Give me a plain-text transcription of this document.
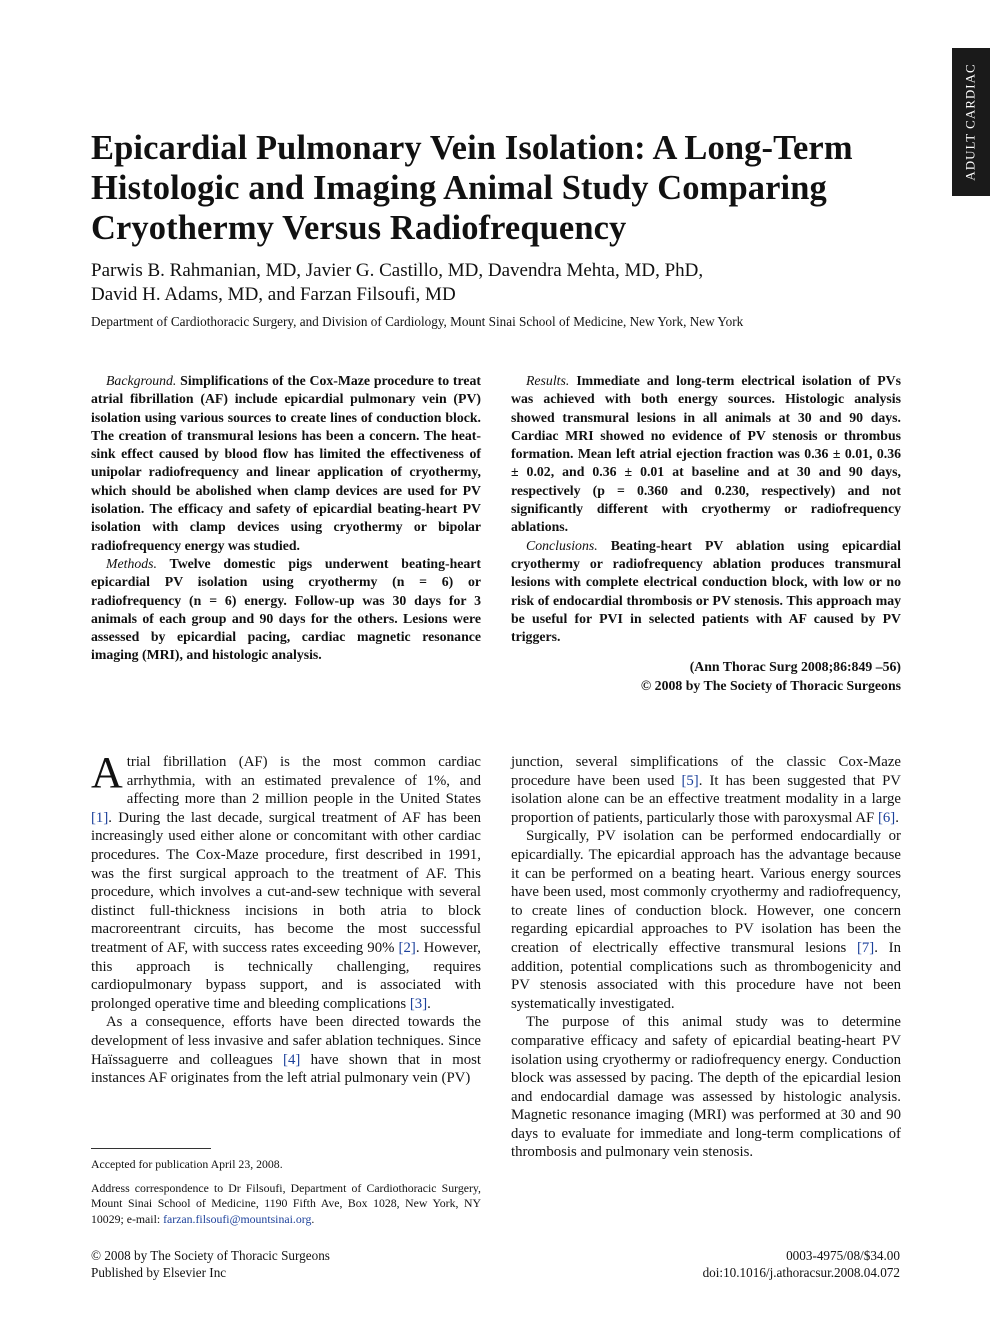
ADULT CARDIAC
Epicardial Pulmonary Vein Isolation: A Long-Term
Histologic and Imaging Animal Study Comparing
Cryothermy Versus Radiofrequency
Parwis B. Rahmanian, MD, Javier G. Castillo, MD, Davendra Mehta, MD, PhD,
David H. Adams, MD, and Farzan Filsoufi, MD
Department of Cardiothoracic Surgery, and Division of Cardiology, Mount Sinai School of Medicine, New York, New York

Background. Simplifications of the Cox-Maze procedure to treat atrial fibrillation (AF) include epicardial pulmonary vein (PV) isolation using various sources to create lines of conduction block. The creation of transmural lesions has been a concern. The heat-sink effect caused by blood flow has limited the effectiveness of unipolar radiofrequency and linear application of cryothermy, which should be abolished when clamp devices are used for PV isolation. The efficacy and safety of epicardial beating-heart PV isolation with clamp devices using cryothermy or bipolar radiofrequency energy was studied.

Methods. Twelve domestic pigs underwent beating-heart epicardial PV isolation using cryothermy (n = 6) or radiofrequency (n = 6) energy. Follow-up was 30 days for 3 animals of each group and 90 days for the others. Lesions were assessed by epicardial pacing, cardiac magnetic resonance imaging (MRI), and histologic analysis.

Results. Immediate and long-term electrical isolation of PVs was achieved with both energy sources. Histologic analysis showed transmural lesions in all animals at 30 and 90 days. Cardiac MRI showed no evidence of PV stenosis or thrombus formation. Mean left atrial ejection fraction was 0.36 ± 0.01, 0.36 ± 0.02, and 0.36 ± 0.01 at baseline and at 30 and 90 days, respectively (p = 0.360 and 0.230, respectively) and not significantly different with cryothermy or radiofrequency ablations.

Conclusions. Beating-heart PV ablation using epicardial cryothermy or radiofrequency ablation produces transmural lesions with complete electrical conduction block, with low or no risk of endocardial thrombosis or PV stenosis. This approach may be useful for PVI in selected patients with AF caused by PV triggers.

(Ann Thorac Surg 2008;86:849 –56)
© 2008 by The Society of Thoracic Surgeons

Atrial fibrillation (AF) is the most common cardiac arrhythmia, with an estimated prevalence of 1%, and affecting more than 2 million people in the United States [1]. During the last decade, surgical treatment of AF has been increasingly used either alone or concomitant with other cardiac procedures. The Cox-Maze procedure, first described in 1991, was the first surgical approach to the treatment of AF. This procedure, which involves a cut-and-sew technique with several distinct full-thickness incisions in both atria to block macroreentrant circuits, has become the most successful treatment of AF, with success rates exceeding 90% [2]. However, this approach is technically challenging, requires cardiopulmonary bypass support, and is associated with prolonged operative time and bleeding complications [3].

As a consequence, efforts have been directed towards the development of less invasive and safer ablation techniques. Since Haïssaguerre and colleagues [4] have shown that in most instances AF originates from the left atrial pulmonary vein (PV)

junction, several simplifications of the classic Cox-Maze procedure have been used [5]. It has been suggested that PV isolation alone can be an effective treatment modality in a large proportion of patients, particularly those with paroxysmal AF [6].

Surgically, PV isolation can be performed endocardially or epicardially. The epicardial approach has the advantage because it can be performed on a beating heart. Various energy sources have been used, most commonly cryothermy and radiofrequency, to create lines of conduction block. However, one concern regarding epicardial approaches to PV isolation has been the creation of electrically effective transmural lesions [7]. In addition, potential complications such as thrombogenicity and PV stenosis associated with this procedure have not been systematically investigated.

The purpose of this animal study was to determine comparative efficacy and safety of epicardial beating-heart PV isolation using cryothermy or radiofrequency energy. Conduction block was assessed by pacing. The depth of the epicardial lesion and endocardial damage was assessed by histologic analysis. Magnetic resonance imaging (MRI) was performed at 30 and 90 days to evaluate for immediate and long-term complications of thrombosis and pulmonary vein stenosis.

Accepted for publication April 23, 2008.

Address correspondence to Dr Filsoufi, Department of Cardiothoracic Surgery, Mount Sinai School of Medicine, 1190 Fifth Ave, Box 1028, New York, NY 10029; e-mail: farzan.filsoufi@mountsinai.org.

© 2008 by The Society of Thoracic Surgeons
Published by Elsevier Inc
0003-4975/08/$34.00
doi:10.1016/j.athoracsur.2008.04.072
